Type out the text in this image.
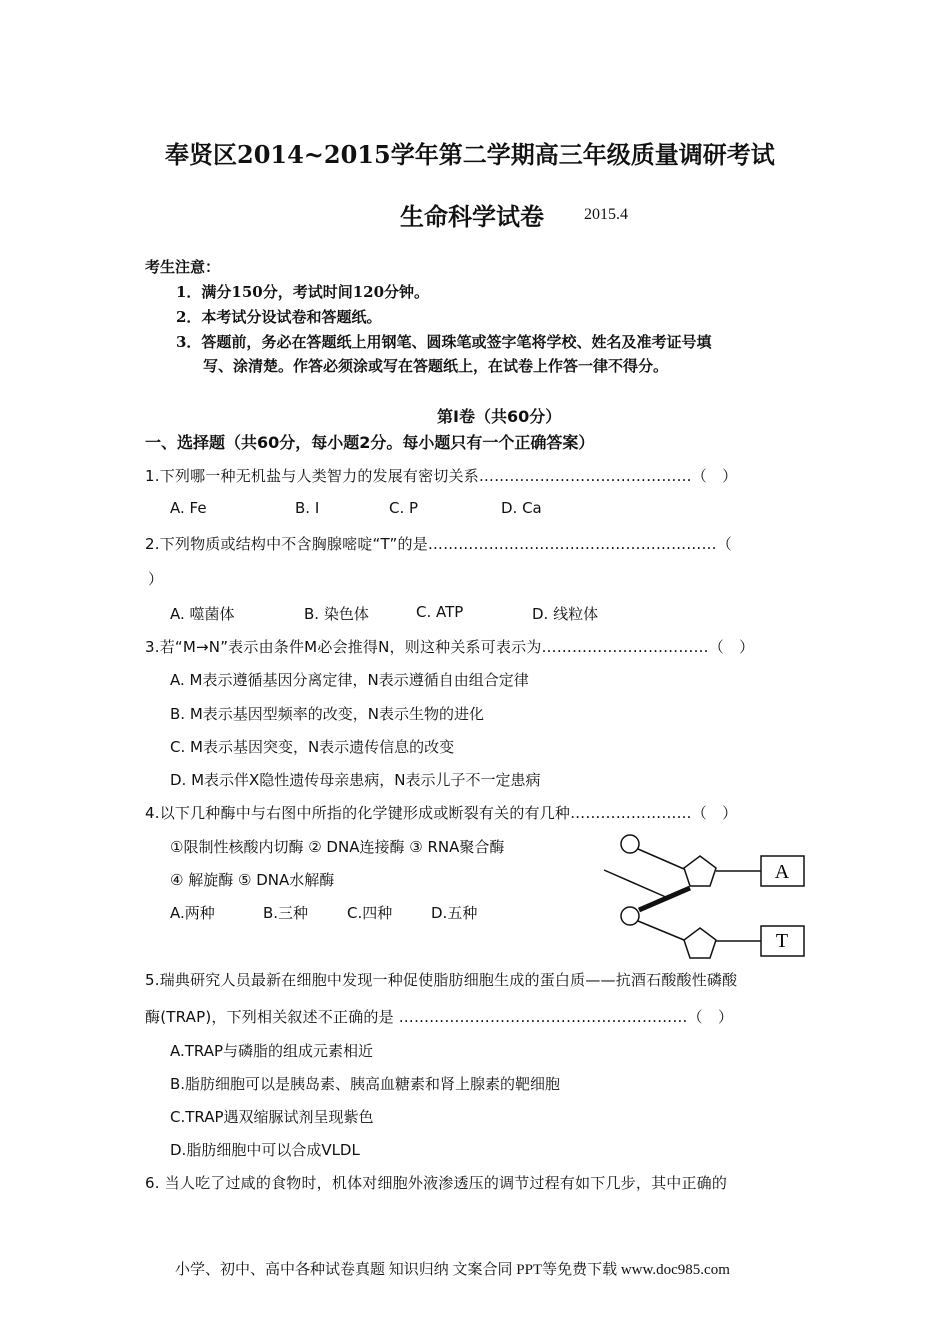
奉贤区2014~2015学年第二学期高三年级质量调研考试
生命科学试卷	2015.4
考生注意：
1．满分150分，考试时间120分钟。
2．本考试分设试卷和答题纸。
3．答题前，务必在答题纸上用钢笔、圆珠笔或签字笔将学校、姓名及准考证号填
写、涂清楚。作答必须涂或写在答题纸上，在试卷上作答一律不得分。
第Ⅰ卷（共60分）
一、选择题（共60分，每小题2分。每小题只有一个正确答案）
1.下列哪一种无机盐与人类智力的发展有密切关系……………………………………（　）
A. Fe	B. I	C. P	D. Ca
2.下列物质或结构中不含胸腺嘧啶“T”的是…………………………………………………（
）
A. 噬菌体	B. 染色体	C. ATP	D. 线粒体
3.若“M→N”表示由条件M必会推得N，则这种关系可表示为……………………………（　）
A. M表示遵循基因分离定律，N表示遵循自由组合定律
B. M表示基因型频率的改变，N表示生物的进化
C. M表示基因突变，N表示遗传信息的改变
D. M表示伴X隐性遗传母亲患病，N表示儿子不一定患病
4.以下几种酶中与右图中所指的化学键形成或断裂有关的有几种……………………（　）
①限制性核酸内切酶 ② DNA连接酶 ③ RNA聚合酶
④ 解旋酶 ⑤ DNA水解酶
A.两种	B.三种	C.四种	D.五种
A
T
5.瑞典研究人员最新在细胞中发现一种促使脂肪细胞生成的蛋白质——抗酒石酸酸性磷酸
酶(TRAP)，下列相关叙述不正确的是 …………………………………………………（　）
A.TRAP与磷脂的组成元素相近
B.脂肪细胞可以是胰岛素、胰高血糖素和肾上腺素的靶细胞
C.TRAP遇双缩脲试剂呈现紫色
D.脂肪细胞中可以合成VLDL
6. 当人吃了过咸的食物时，机体对细胞外液渗透压的调节过程有如下几步，其中正确的
小学、初中、高中各种试卷真题 知识归纳 文案合同 PPT等免费下载 www.doc985.com
